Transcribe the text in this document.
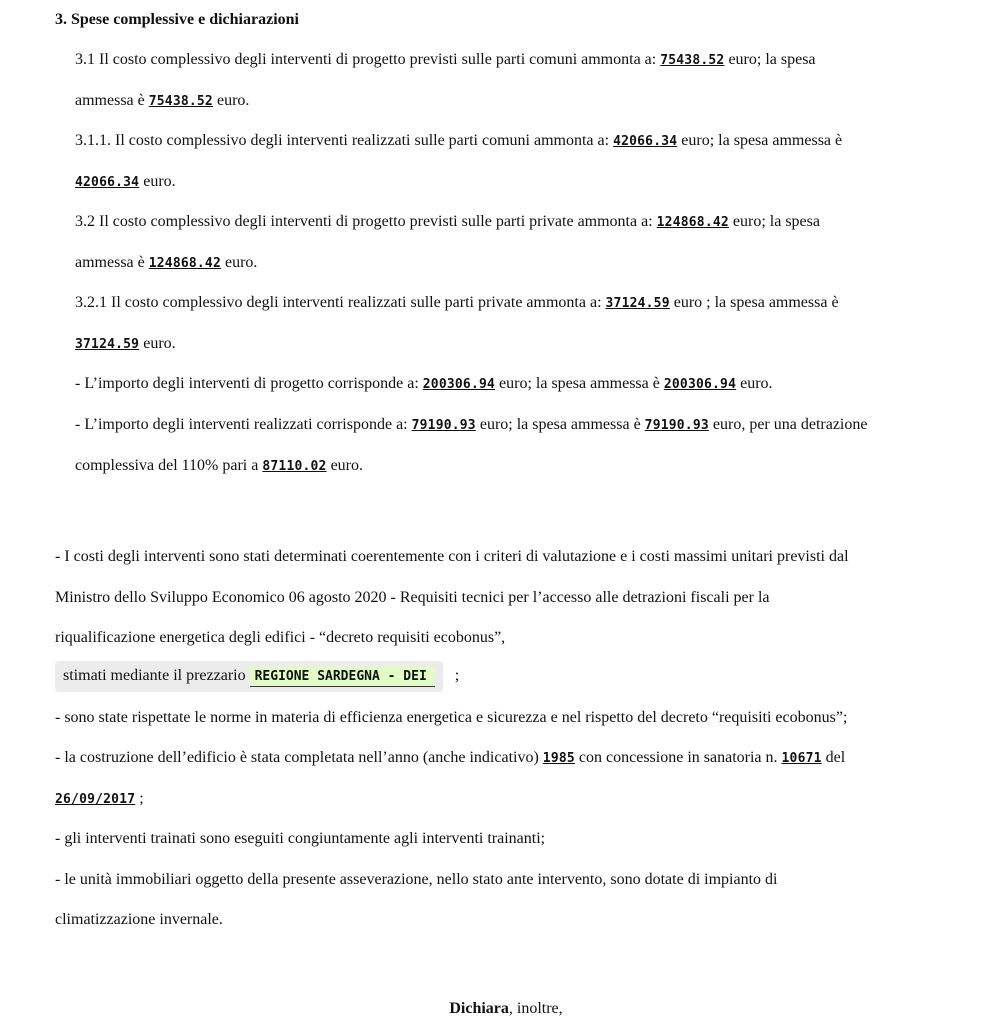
3. Spese complessive e dichiarazioni
3.1 Il costo complessivo degli interventi di progetto previsti sulle parti comuni ammonta a: 75438.52 euro; la spesa
ammessa è 75438.52 euro.
3.1.1. Il costo complessivo degli interventi realizzati sulle parti comuni ammonta a: 42066.34 euro; la spesa ammessa è
42066.34 euro.
3.2 Il costo complessivo degli interventi di progetto previsti sulle parti private ammonta a: 124868.42 euro; la spesa
ammessa è 124868.42 euro.
3.2.1 Il costo complessivo degli interventi realizzati sulle parti private ammonta a: 37124.59 euro ; la spesa ammessa è
37124.59 euro.
- L’importo degli interventi di progetto corrisponde a: 200306.94 euro; la spesa ammessa è 200306.94 euro.
- L’importo degli interventi realizzati corrisponde a: 79190.93 euro; la spesa ammessa è 79190.93 euro, per una detrazione
complessiva del 110% pari a 87110.02 euro.
- I costi degli interventi sono stati determinati coerentemente con i criteri di valutazione e i costi massimi unitari previsti dal
Ministro dello Sviluppo Economico 06 agosto 2020 - Requisiti tecnici per l’accesso alle detrazioni fiscali per la
riqualificazione energetica degli edifici - “decreto requisiti ecobonus”,
stimati mediante il prezzario REGIONE SARDEGNA - DEI ;
- sono state rispettate le norme in materia di efficienza energetica e sicurezza e nel rispetto del decreto “requisiti ecobonus”;
- la costruzione dell’edificio è stata completata nell’anno (anche indicativo) 1985 con concessione in sanatoria n. 10671 del
26/09/2017 ;
- gli interventi trainati sono eseguiti congiuntamente agli interventi trainanti;
- le unità immobiliari oggetto della presente asseverazione, nello stato ante intervento, sono dotate di impianto di
climatizzazione invernale.
Dichiara, inoltre,
